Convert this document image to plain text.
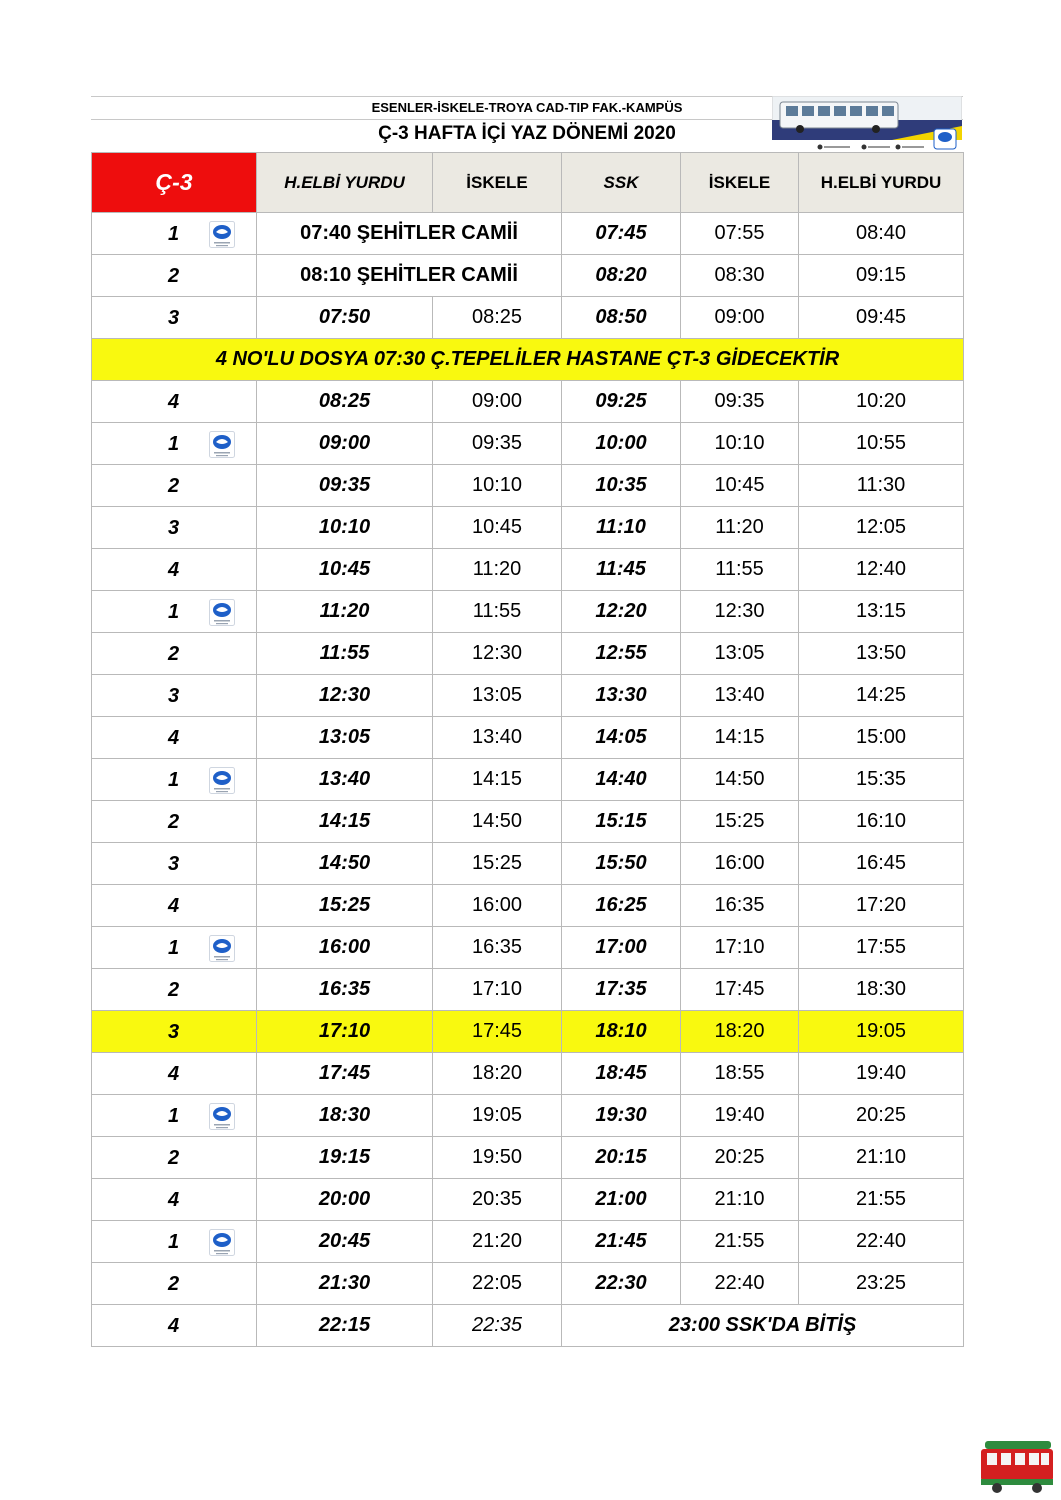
ESENLER-İSKELE-TROYA CAD-TIP FAK.-KAMPÜS
Ç-3 HAFTA İÇİ YAZ DÖNEMİ 2020
Ç-3	H.ELBİ YURDU	İSKELE	SSK	İSKELE	H.ELBİ YURDU

1	07:40 ŞEHİTLER CAMİİ		07:45	07:55	08:40

2	08:10 ŞEHİTLER CAMİİ		08:20	08:30	09:15

3	07:50	08:25	08:50	09:00	09:45
4 NO'LU DOSYA 07:30 Ç.TEPELİLER HASTANE ÇT-3 GİDECEKTİR					

4	08:25	09:00	09:25	09:35	10:20

1	09:00	09:35	10:00	10:10	10:55

2	09:35	10:10	10:35	10:45	11:30

3	10:10	10:45	11:10	11:20	12:05

4	10:45	11:20	11:45	11:55	12:40

1	11:20	11:55	12:20	12:30	13:15

2	11:55	12:30	12:55	13:05	13:50

3	12:30	13:05	13:30	13:40	14:25

4	13:05	13:40	14:05	14:15	15:00

1	13:40	14:15	14:40	14:50	15:35

2	14:15	14:50	15:15	15:25	16:10

3	14:50	15:25	15:50	16:00	16:45

4	15:25	16:00	16:25	16:35	17:20

1	16:00	16:35	17:00	17:10	17:55

2	16:35	17:10	17:35	17:45	18:30

3	17:10	17:45	18:10	18:20	19:05

4	17:45	18:20	18:45	18:55	19:40

1	18:30	19:05	19:30	19:40	20:25

2	19:15	19:50	20:15	20:25	21:10

4	20:00	20:35	21:00	21:10	21:55

1	20:45	21:20	21:45	21:55	22:40

2	21:30	22:05	22:30	22:40	23:25

4	22:15	22:35	23:00 SSK'DA BİTİŞ		
